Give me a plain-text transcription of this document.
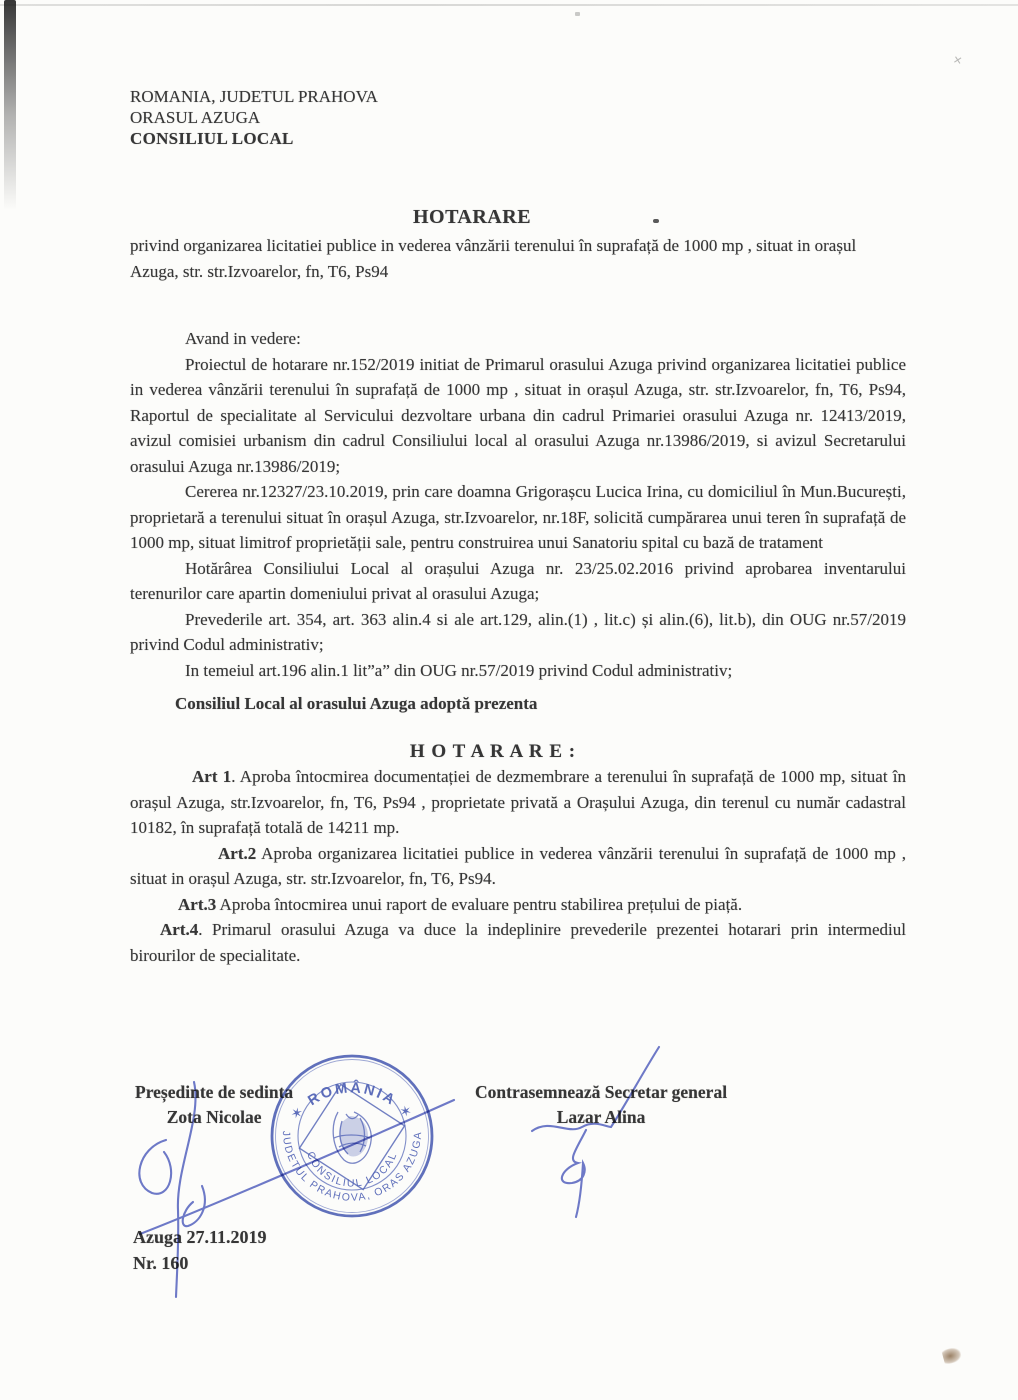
✕
ROMANIA, JUDETUL PRAHOVA
ORASUL AZUGA
CONSILIUL LOCAL
HOTARARE
privind organizarea licitatiei publice in vederea vânzării terenului în suprafață de 1000 mp , situat in orașul Azuga, str. str.Izvoarelor, fn, T6, Ps94
Avand in vedere:

Proiectul de hotarare nr.152/2019 initiat de Primarul orasului Azuga privind organizarea licitatiei publice in vederea vânzării terenului în suprafață de 1000 mp , situat in orașul Azuga, str. str.Izvoarelor, fn, T6, Ps94, Raportul de specialitate al Servicului dezvoltare urbana din cadrul Primariei orasului Azuga nr. 12413/2019, avizul comisiei urbanism din cadrul Consiliului local al orasului Azuga nr.13986/2019, si avizul Secretarului orasului Azuga nr.13986/2019;

Cererea nr.12327/23.10.2019, prin care doamna Grigorașcu Lucica Irina, cu domiciliul în Mun.București, proprietară a terenului situat în orașul Azuga, str.Izvoarelor, nr.18F, solicită cumpărarea unui teren în suprafață de 1000 mp, situat limitrof proprietății sale, pentru construirea unui Sanatoriu spital cu bază de tratament

Hotărârea Consiliului Local al orașului Azuga nr. 23/25.02.2016 privind aprobarea inventarului terenurilor care apartin domeniului privat al orasului Azuga;

Prevederile art. 354, art. 363 alin.4 si ale art.129, alin.(1) , lit.c) și alin.(6), lit.b), din OUG nr.57/2019 privind Codul administrativ;

In temeiul art.196 alin.1 lit”a” din OUG nr.57/2019 privind Codul administrativ;

Consiliul Local al orasului Azuga adoptă prezenta
H O T A R A R E :

Art 1. Aproba întocmirea documentației de dezmembrare a terenului în suprafață de 1000 mp, situat în orașul Azuga, str.Izvoarelor, fn, T6, Ps94 , proprietate privată a Orașului Azuga, din terenul cu număr cadastral 10182, în suprafață totală de 14211 mp.

Art.2 Aproba organizarea licitatiei publice in vederea vânzării terenului în suprafață de 1000 mp , situat in orașul Azuga, str. str.Izvoarelor, fn, T6, Ps94.

Art.3 Aproba întocmirea unui raport de evaluare pentru stabilirea prețului de piață.

Art.4. Primarul orasului Azuga va duce la indeplinire prevederile prezentei hotarari prin intermediul birourilor de specialitate.

Președinte de sedinta
Zota Nicolae
Contrasemnează Secretar general
Lazar Alina
Azuga 27.11.2019
Nr. 160
✶ ROMÂNIA ✶
JUDETUL PRAHOVA, ORAS AZUGA
CONSILIUL LOCAL
